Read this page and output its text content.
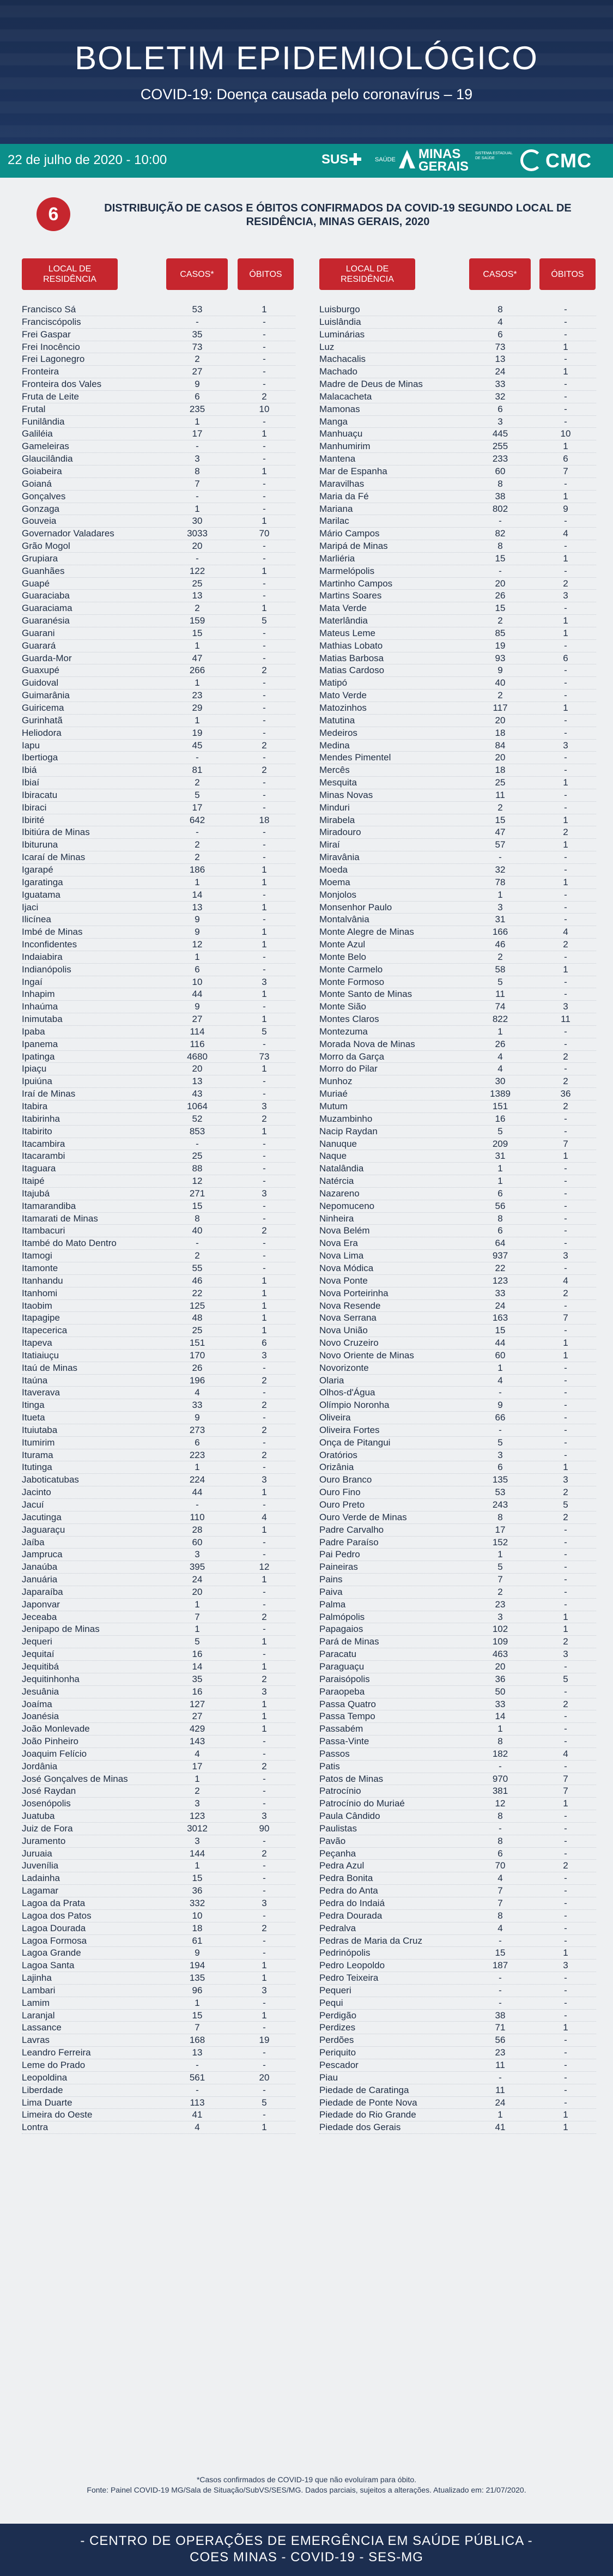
BOLETIM EPIDEMIOLÓGICO
COVID-19: Doença causada pelo coronavírus – 19
22 de julho de 2020 - 10:00	SUS	SAÚDE MINAS
GERAIS
SISTEMA ESTADUAL DE SAÚDE	CMC
6	DISTRIBUIÇÃO DE CASOS E ÓBITOS CONFIRMADOS DA COVID-19 SEGUNDO LOCAL DE RESIDÊNCIA, MINAS GERAIS, 2020
LOCAL DE RESIDÊNCIA
CASOS*	ÓBITOS
LOCAL DE RESIDÊNCIA
CASOS*	ÓBITOS
Francisco Sá	53	1
Franciscópolis	-	-
Frei Gaspar	35	-
Frei Inocêncio	73	-
Frei Lagonegro	2	-
Fronteira	27	-
Fronteira dos Vales	9	-
Fruta de Leite	6	2
Frutal	235	10
Funilândia	1	-
Galiléia	17	1
Gameleiras	-	-
Glaucilândia	3	-
Goiabeira	8	1
Goianá	7	-
Gonçalves	-	-
Gonzaga	1	-
Gouveia	30	1
Governador Valadares	3033	70
Grão Mogol	20	-
Grupiara	-	-
Guanhães	122	1
Guapé	25	-
Guaraciaba	13	-
Guaraciama	2	1
Guaranésia	159	5
Guarani	15	-
Guarará	1	-
Guarda-Mor	47	-
Guaxupé	266	2
Guidoval	1	-
Guimarânia	23	-
Guiricema	29	-
Gurinhatã	1	-
Heliodora	19	-
Iapu	45	2
Ibertioga	-	-
Ibiá	81	2
Ibiaí	2	-
Ibiracatu	5	-
Ibiraci	17	-
Ibirité	642	18
Ibitiúra de Minas	-	-
Ibituruna	2	-
Icaraí de Minas	2	-
Igarapé	186	1
Igaratinga	1	1
Iguatama	14	-
Ijaci	13	1
Ilicínea	9	-
Imbé de Minas	9	1
Inconfidentes	12	1
Indaiabira	1	-
Indianópolis	6	-
Ingaí	10	3
Inhapim	44	1
Inhaúma	9	-
Inimutaba	27	1
Ipaba	114	5
Ipanema	116	-
Ipatinga	4680	73
Ipiaçu	20	1
Ipuiúna	13	-
Iraí de Minas	43	-
Itabira	1064	3
Itabirinha	52	2
Itabirito	853	1
Itacambira	-	-
Itacarambi	25	-
Itaguara	88	-
Itaipé	12	-
Itajubá	271	3
Itamarandiba	15	-
Itamarati de Minas	8	-
Itambacuri	40	2
Itambé do Mato Dentro	-	-
Itamogi	2	-
Itamonte	55	-
Itanhandu	46	1
Itanhomi	22	1
Itaobim	125	1
Itapagipe	48	1
Itapecerica	25	1
Itapeva	151	6
Itatiaiuçu	170	3
Itaú de Minas	26	-
Itaúna	196	2
Itaverava	4	-
Itinga	33	2
Itueta	9	-
Ituiutaba	273	2
Itumirim	6	-
Iturama	223	2
Itutinga	1	-
Jaboticatubas	224	3
Jacinto	44	1
Jacuí	-	-
Jacutinga	110	4
Jaguaraçu	28	1
Jaíba	60	-
Jampruca	3	-
Janaúba	395	12
Januária	24	1
Japaraíba	20	-
Japonvar	1	-
Jeceaba	7	2
Jenipapo de Minas	1	-
Jequeri	5	1
Jequitaí	16	-
Jequitibá	14	1
Jequitinhonha	35	2
Jesuânia	16	3
Joaíma	127	1
Joanésia	27	1
João Monlevade	429	1
João Pinheiro	143	-
Joaquim Felício	4	-
Jordânia	17	2
José Gonçalves de Minas	1	-
José Raydan	2	-
Josenópolis	3	-
Juatuba	123	3
Juiz de Fora	3012	90
Juramento	3	-
Juruaia	144	2
Juvenília	1	-
Ladainha	15	-
Lagamar	36	-
Lagoa da Prata	332	3
Lagoa dos Patos	10	-
Lagoa Dourada	18	2
Lagoa Formosa	61	-
Lagoa Grande	9	-
Lagoa Santa	194	1
Lajinha	135	1
Lambari	96	3
Lamim	1	-
Laranjal	15	1
Lassance	7	-
Lavras	168	19
Leandro Ferreira	13	-
Leme do Prado	-	-
Leopoldina	561	20
Liberdade	-	-
Lima Duarte	113	5
Limeira do Oeste	41	-
Lontra	4	1
Luisburgo	8	-
Luislândia	4	-
Luminárias	6	-
Luz	73	1
Machacalis	13	-
Machado	24	1
Madre de Deus de Minas	33	-
Malacacheta	32	-
Mamonas	6	-
Manga	3	-
Manhuaçu	445	10
Manhumirim	255	1
Mantena	233	6
Mar de Espanha	60	7
Maravilhas	8	-
Maria da Fé	38	1
Mariana	802	9
Marilac	-	-
Mário Campos	82	4
Maripá de Minas	8	-
Marliéria	15	1
Marmelópolis	-	-
Martinho Campos	20	2
Martins Soares	26	3
Mata Verde	15	-
Materlândia	2	1
Mateus Leme	85	1
Mathias Lobato	19	-
Matias Barbosa	93	6
Matias Cardoso	9	-
Matipó	40	-
Mato Verde	2	-
Matozinhos	117	1
Matutina	20	-
Medeiros	18	-
Medina	84	3
Mendes Pimentel	20	-
Mercês	18	-
Mesquita	25	1
Minas Novas	11	-
Minduri	2	-
Mirabela	15	1
Miradouro	47	2
Miraí	57	1
Miravânia	-	-
Moeda	32	-
Moema	78	1
Monjolos	1	-
Monsenhor Paulo	3	-
Montalvânia	31	-
Monte Alegre de Minas	166	4
Monte Azul	46	2
Monte Belo	2	-
Monte Carmelo	58	1
Monte Formoso	5	-
Monte Santo de Minas	11	-
Monte Sião	74	3
Montes Claros	822	11
Montezuma	1	-
Morada Nova de Minas	26	-
Morro da Garça	4	2
Morro do Pilar	4	-
Munhoz	30	2
Muriaé	1389	36
Mutum	151	2
Muzambinho	16	-
Nacip Raydan	5	-
Nanuque	209	7
Naque	31	1
Natalândia	1	-
Natércia	1	-
Nazareno	6	-
Nepomuceno	56	-
Ninheira	8	-
Nova Belém	6	-
Nova Era	64	-
Nova Lima	937	3
Nova Módica	22	-
Nova Ponte	123	4
Nova Porteirinha	33	2
Nova Resende	24	-
Nova Serrana	163	7
Nova União	15	-
Novo Cruzeiro	44	1
Novo Oriente de Minas	60	1
Novorizonte	1	-
Olaria	4	-
Olhos-d'Água	-	-
Olímpio Noronha	9	-
Oliveira	66	-
Oliveira Fortes	-	-
Onça de Pitangui	5	-
Oratórios	3	-
Orizânia	6	1
Ouro Branco	135	3
Ouro Fino	53	2
Ouro Preto	243	5
Ouro Verde de Minas	8	2
Padre Carvalho	17	-
Padre Paraíso	152	-
Pai Pedro	1	-
Paineiras	5	-
Pains	7	-
Paiva	2	-
Palma	23	-
Palmópolis	3	1
Papagaios	102	1
Pará de Minas	109	2
Paracatu	463	3
Paraguaçu	20	-
Paraisópolis	36	5
Paraopeba	50	-
Passa Quatro	33	2
Passa Tempo	14	-
Passabém	1	-
Passa-Vinte	8	-
Passos	182	4
Patis	-	-
Patos de Minas	970	7
Patrocínio	381	7
Patrocínio do Muriaé	12	1
Paula Cândido	8	-
Paulistas	-	-
Pavão	8	-
Peçanha	6	-
Pedra Azul	70	2
Pedra Bonita	4	-
Pedra do Anta	7	-
Pedra do Indaiá	7	-
Pedra Dourada	8	-
Pedralva	4	-
Pedras de Maria da Cruz	-	-
Pedrinópolis	15	1
Pedro Leopoldo	187	3
Pedro Teixeira	-	-
Pequeri	-	-
Pequi	-	-
Perdigão	38	-
Perdizes	71	1
Perdões	56	-
Periquito	23	-
Pescador	11	-
Piau	-	-
Piedade de Caratinga	11	-
Piedade de Ponte Nova	24	-
Piedade do Rio Grande	1	1
Piedade dos Gerais	41	1
*Casos confirmados de COVID-19 que não evoluíram para óbito.
Fonte: Painel COVID-19 MG/Sala de Situação/SubVS/SES/MG. Dados parciais, sujeitos a alterações. Atualizado em: 21/07/2020.
- CENTRO DE OPERAÇÕES DE EMERGÊNCIA EM SAÚDE PÚBLICA -
COES MINAS - COVID-19 - SES-MG
